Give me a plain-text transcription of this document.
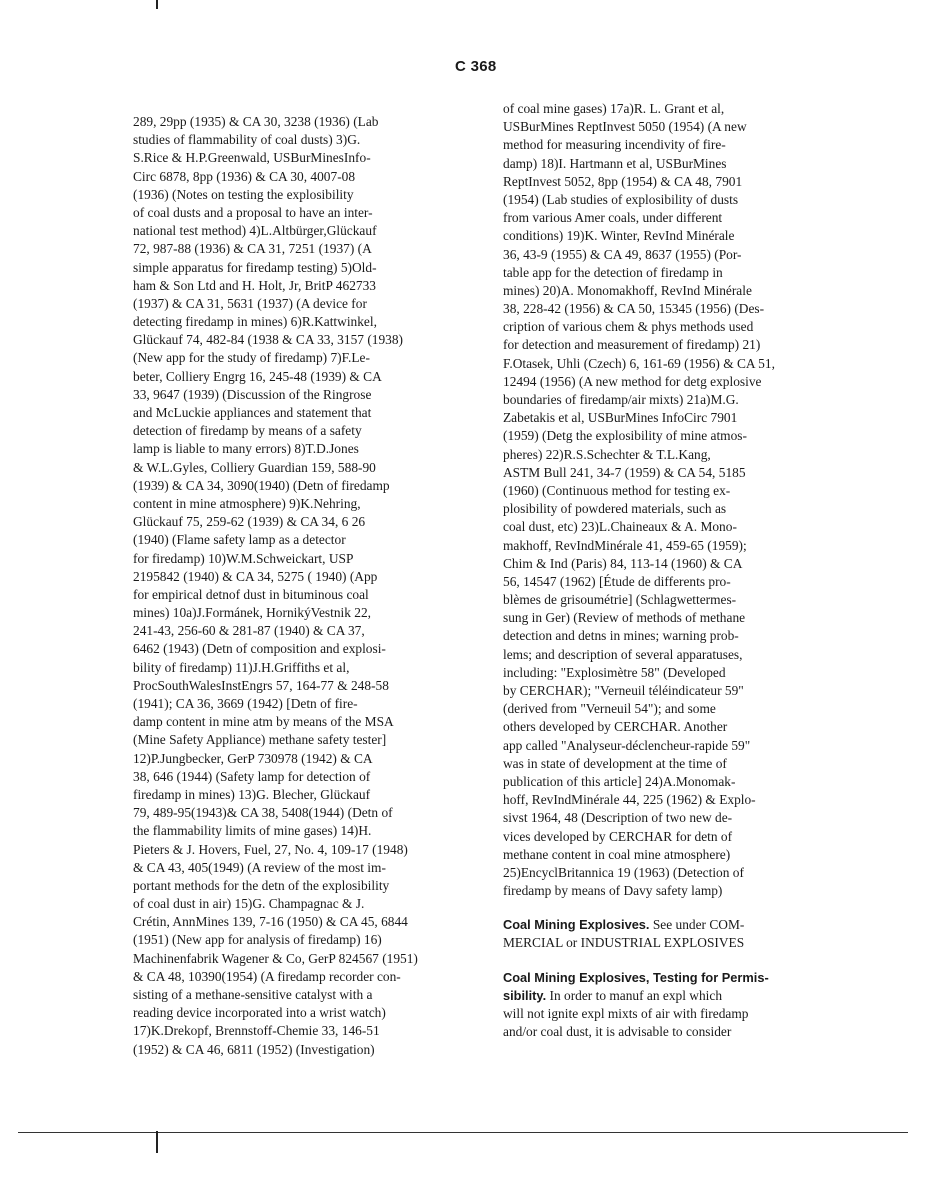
C 368
289, 29pp (1935) & CA 30, 3238 (1936) (Lab
studies of flammability of coal dusts) 3)G.
S.Rice & H.P.Greenwald, USBurMinesInfo-
Circ 6878, 8pp (1936) & CA 30, 4007-08
(1936) (Notes on testing the explosibility
of coal dusts and a proposal to have an inter-
national test method) 4)L.Altbürger,Glückauf
72, 987-88 (1936) & CA 31, 7251 (1937) (A
simple apparatus for firedamp testing) 5)Old-
ham & Son Ltd and H. Holt, Jr, BritP 462733
(1937) & CA 31, 5631 (1937) (A device for
detecting firedamp in mines) 6)R.Kattwinkel,
Glückauf 74, 482-84 (1938 & CA 33, 3157 (1938)
(New app for the study of firedamp) 7)F.Le-
beter, Colliery Engrg 16, 245-48 (1939) & CA
33, 9647 (1939) (Discussion of the Ringrose
and McLuckie appliances and statement that
detection of firedamp by means of a safety
lamp is liable to many errors) 8)T.D.Jones
& W.L.Gyles, Colliery Guardian 159, 588-90
(1939) & CA 34, 3090(1940) (Detn of firedamp
content in mine atmosphere) 9)K.Nehring,
Glückauf 75, 259-62 (1939) & CA 34, 6 26
(1940) (Flame safety lamp as a detector
for firedamp) 10)W.M.Schweickart, USP
2195842 (1940) & CA 34, 5275 ( 1940) (App
for empirical detnof dust in bituminous coal
mines) 10a)J.Formánek, HornikýVestnik 22,
241-43, 256-60 & 281-87 (1940) & CA 37,
6462 (1943) (Detn of composition and explosi-
bility of firedamp) 11)J.H.Griffiths et al,
ProcSouthWalesInstEngrs 57, 164-77 & 248-58
(1941); CA 36, 3669 (1942) [Detn of fire-
damp content in mine atm by means of the MSA
(Mine Safety Appliance) methane safety tester]
12)P.Jungbecker, GerP 730978 (1942) & CA
38, 646 (1944) (Safety lamp for detection of
firedamp in mines) 13)G. Blecher, Glückauf
79, 489-95(1943)& CA 38, 5408(1944) (Detn of
the flammability limits of mine gases) 14)H.
Pieters & J. Hovers, Fuel, 27, No. 4, 109-17 (1948)
& CA 43, 405(1949) (A review of the most im-
portant methods for the detn of the explosibility
of coal dust in air) 15)G. Champagnac & J.
Crétin, AnnMines 139, 7-16 (1950) & CA 45, 6844
(1951) (New app for analysis of firedamp) 16)
Machinenfabrik Wagener & Co, GerP 824567 (1951)
& CA 48, 10390(1954) (A firedamp recorder con-
sisting of a methane-sensitive catalyst with a
reading device incorporated into a wrist watch)
17)K.Drekopf, Brennstoff-Chemie 33, 146-51
(1952) & CA 46, 6811 (1952) (Investigation)
of coal mine gases) 17a)R. L. Grant et al,
USBurMines ReptInvest 5050 (1954) (A new
method for measuring incendivity of fire-
damp) 18)I. Hartmann et al, USBurMines
ReptInvest 5052, 8pp (1954) & CA 48, 7901
(1954) (Lab studies of explosibility of dusts
from various Amer coals, under different
conditions) 19)K. Winter, RevInd Minérale
36, 43-9 (1955) & CA 49, 8637 (1955) (Por-
table app for the detection of firedamp in
mines) 20)A. Monomakhoff, RevInd Minérale
38, 228-42 (1956) & CA 50, 15345 (1956) (Des-
cription of various chem & phys methods used
for detection and measurement of firedamp) 21)
F.Otasek, Uhli (Czech) 6, 161-69 (1956) & CA 51,
12494 (1956) (A new method for detg explosive
boundaries of firedamp/air mixts) 21a)M.G.
Zabetakis et al, USBurMines InfoCirc 7901
(1959) (Detg the explosibility of mine atmos-
pheres) 22)R.S.Schechter & T.L.Kang,
ASTM Bull 241, 34-7 (1959) & CA 54, 5185
(1960) (Continuous method for testing ex-
plosibility of powdered materials, such as
coal dust, etc) 23)L.Chaineaux & A. Mono-
makhoff, RevIndMinérale 41, 459-65 (1959);
Chim & Ind (Paris) 84, 113-14 (1960) & CA
56, 14547 (1962) [Étude de differents pro-
blèmes de grisoumétrie] (Schlagwettermes-
sung in Ger) (Review of methods of methane
detection and detns in mines; warning prob-
lems; and description of several apparatuses,
including: "Explosimètre 58" (Developed
by CERCHAR); "Verneuil téléindicateur 59"
(derived from "Verneuil 54"); and some
others developed by CERCHAR. Another
app called "Analyseur-déclencheur-rapide 59"
was in state of development at the time of
publication of this article] 24)A.Monomak-
hoff, RevIndMinérale 44, 225 (1962) & Explo-
sivst 1964, 48 (Description of two new de-
vices developed by CERCHAR for detn of
methane content in coal mine atmosphere)
25)EncyclBritannica 19 (1963) (Detection of
firedamp by means of Davy safety lamp)
Coal Mining Explosives. See under COM-
MERCIAL or INDUSTRIAL EXPLOSIVES
Coal Mining Explosives, Testing for Permis-
sibility. In order to manuf an expl which
will not ignite expl mixts of air with firedamp
and/or coal dust, it is advisable to consider
